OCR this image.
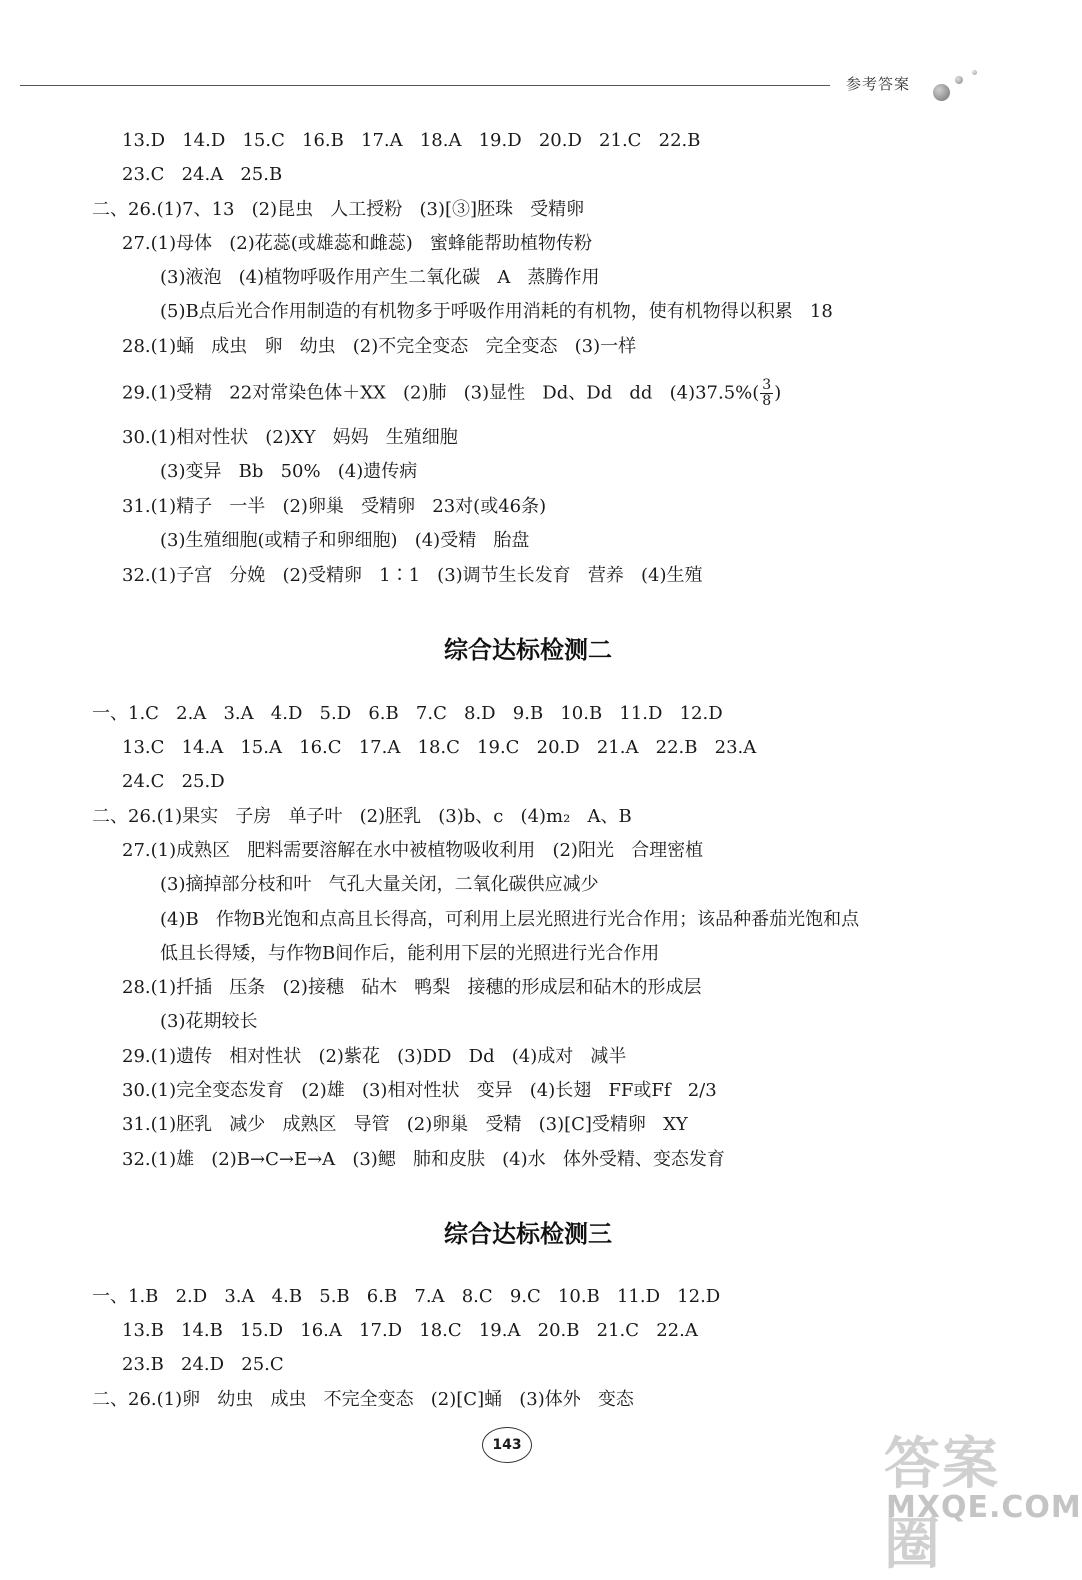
参考答案
13.D   14.D   15.C   16.B   17.A   18.A   19.D   20.D   21.C   22.B
23.C   24.A   25.B
二、26.(1)7、13   (2)昆虫   人工授粉   (3)[③]胚珠   受精卵
27.(1)母体   (2)花蕊(或雄蕊和雌蕊)   蜜蜂能帮助植物传粉
(3)液泡   (4)植物呼吸作用产生二氧化碳   A   蒸腾作用
(5)B点后光合作用制造的有机物多于呼吸作用消耗的有机物，使有机物得以积累   18
28.(1)蛹   成虫   卵   幼虫   (2)不完全变态   完全变态   (3)一样
29.(1)受精   22对常染色体＋XX   (2)肺   (3)显性   Dd、Dd   dd   $(4)37.5\%( \frac{3}{8}$ )
30.(1)相对性状   (2)XY   妈妈   生殖细胞
(3)变异   Bb   50%   (4)遗传病
31.(1)精子   一半   (2)卵巢   受精卵   23对(或46条)
(3)生殖细胞(或精子和卵细胞)   (4)受精   胎盘
32.(1)子宫   分娩   (2)受精卵   1∶1   (3)调节生长发育   营养   (4)生殖
综合达标检测二
一、1.C   2.A   3.A   4.D   5.D   6.B   7.C   8.D   9.B   10.B   11.D   12.D
13.C   14.A   15.A   16.C   17.A   18.C   19.C   20.D   21.A   22.B   23.A
24.C   25.D
二、26.(1)果实   子房   单子叶   (2)胚乳   (3)b、c   (4)m₂   A、B
27.(1)成熟区   肥料需要溶解在水中被植物吸收利用   (2)阳光   合理密植
(3)摘掉部分枝和叶   气孔大量关闭，二氧化碳供应减少
(4)B   作物B光饱和点高且长得高，可利用上层光照进行光合作用；该品种番茄光饱和点
低且长得矮，与作物B间作后，能利用下层的光照进行光合作用
28.(1)扦插   压条   (2)接穗   砧木   鸭梨   接穗的形成层和砧木的形成层
(3)花期较长
29.(1)遗传   相对性状   (2)紫花   (3)DD   Dd   (4)成对   减半
30.(1)完全变态发育   (2)雄   (3)相对性状   变异   (4)长翅   FF或Ff   2/3
31.(1)胚乳   减少   成熟区   导管   (2)卵巢   受精   (3)[C]受精卵   XY
32.(1)雄   (2)B→C→E→A   (3)鳃   肺和皮肤   (4)水   体外受精、变态发育
综合达标检测三
一、1.B   2.D   3.A   4.B   5.B   6.B   7.A   8.C   9.C   10.B   11.D   12.D
13.B   14.B   15.D   16.A   17.D   18.C   19.A   20.B   21.C   22.A
23.B   24.D   25.C
二、26.(1)卵   幼虫   成虫   不完全变态   (2)[C]蛹   (3)体外   变态
143	答案圈
MXQE.COM
